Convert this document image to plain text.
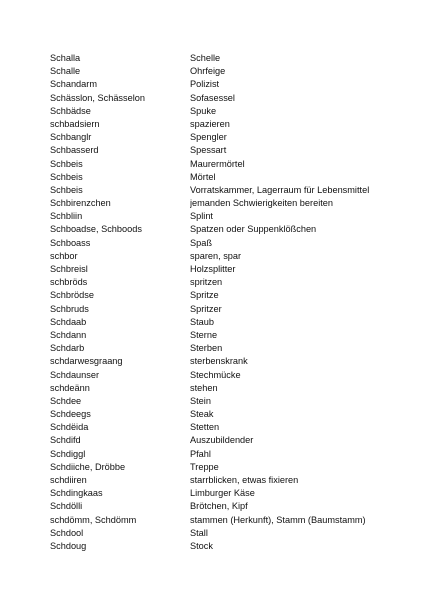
Schalla	Schelle
Schalle	Ohrfeige
Schandarm	Polizist
Schässlon, Schässelon	Sofasessel
Schbädse	Spuke
schbadsiern	spazieren
Schbanglr	Spengler
Schbasserd	Spessart
Schbeis	Maurermörtel
Schbeis	Mörtel
Schbeis	Vorratskammer, Lagerraum für Lebensmittel
Schbirenzchen	jemanden Schwierigkeiten bereiten
Schbliin	Splint
Schboadse, Schboods	Spatzen oder Suppenklößchen
Schboass	Spaß
schbor	sparen, spar
Schbreisl	Holzsplitter
schbröds	spritzen
Schbrödse	Spritze
Schbruds	Spritzer
Schdaab	Staub
Schdann	Sterne
Schdarb	Sterben
schdarwesgraang	sterbenskrank
Schdaunser	Stechmücke
schdeänn	stehen
Schdee	Stein
Schdeegs	Steak
Schdëida	Stetten
Schdifd	Auszubildender
Schdiggl	Pfahl
Schdiiche, Dröbbe	Treppe
schdiiren	starrblicken, etwas fixieren
Schdingkaas	Limburger Käse
Schdölli	Brötchen, Kipf
schdömm, Schdömm	stammen (Herkunft), Stamm (Baumstamm)
Schdool	Stall
Schdoug	Stock
